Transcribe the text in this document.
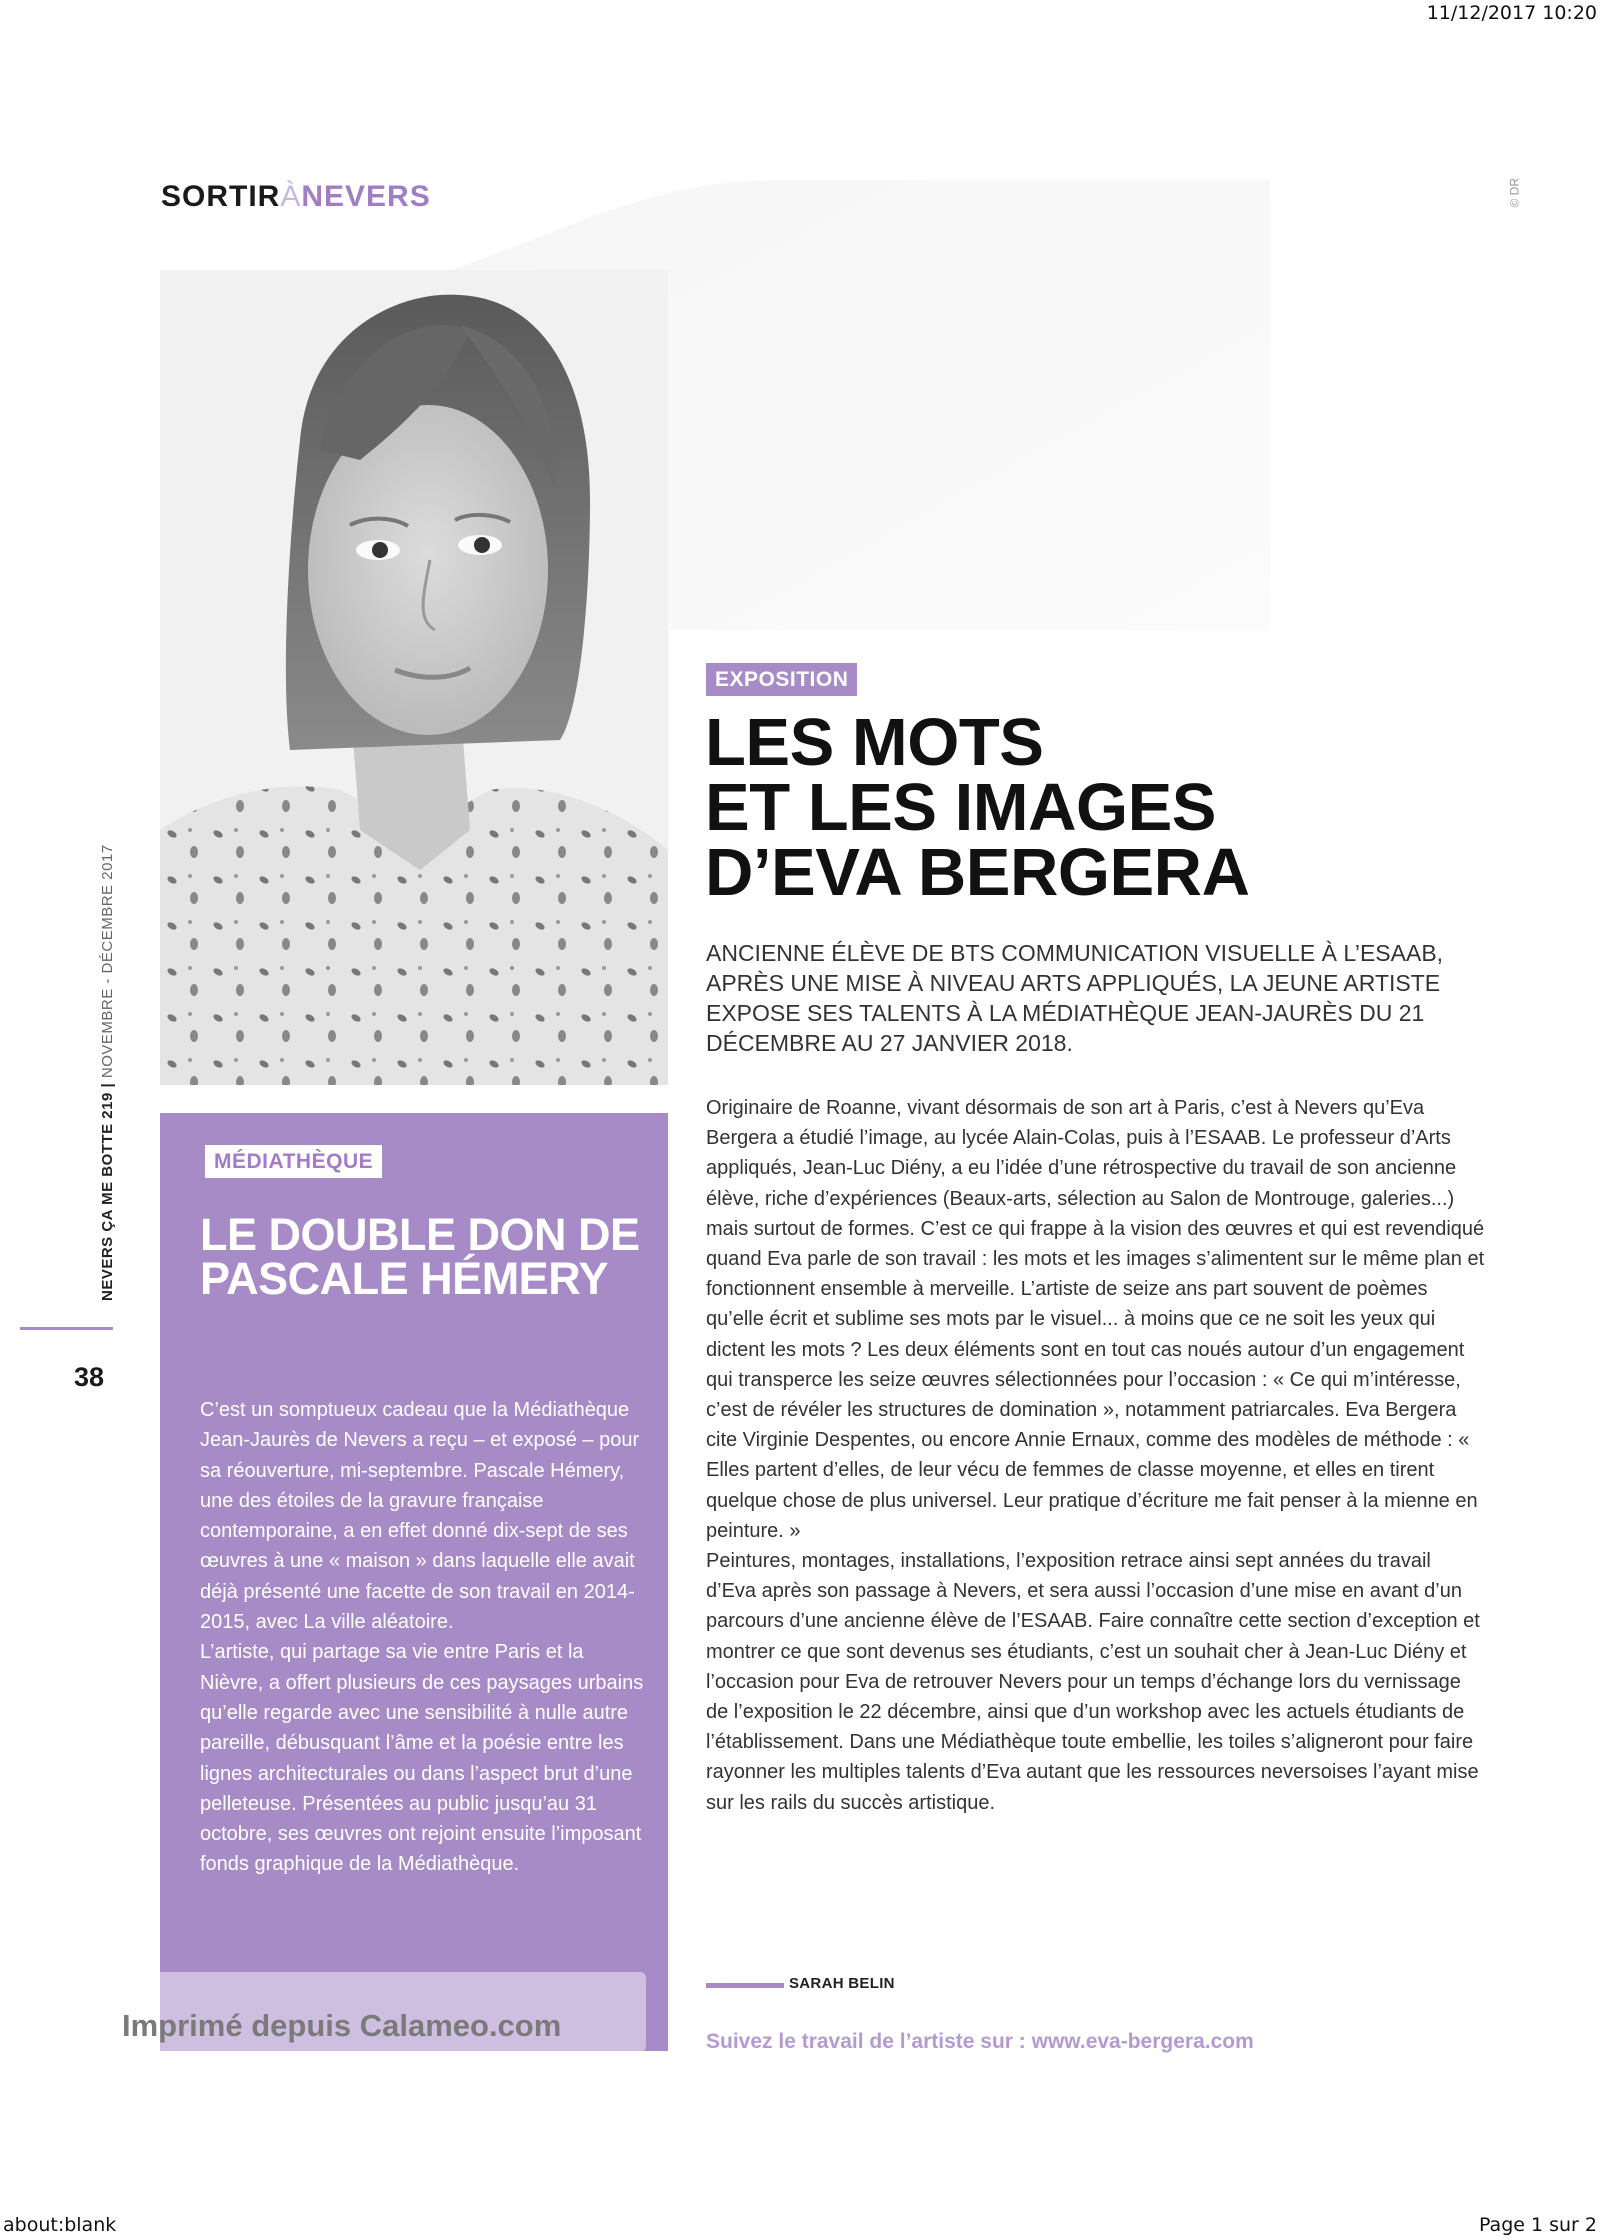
11/12/2017 10:20
about:blank	Page 1 sur 2
SORTIRÀNEVERS	© DR
NEVERS ÇA ME BOTTE 219 | NOVEMBRE - DÉCEMBRE 2017
38
MÉDIATHÈQUE
LE DOUBLE DON DE PASCALE HÉMERY

C’est un somptueux cadeau que la Médiathèque Jean-Jaurès de Nevers a reçu – et exposé – pour sa réouverture, mi-septembre. Pascale Hémery, une des étoiles de la gravure française contemporaine, a en effet donné dix-sept de ses œuvres à une « maison » dans laquelle elle avait déjà présenté une facette de son travail en 2014-2015, avec La ville aléatoire.

L’artiste, qui partage sa vie entre Paris et la Nièvre, a offert plusieurs de ces paysages urbains qu’elle regarde avec une sensibilité à nulle autre pareille, débusquant l’âme et la poésie entre les lignes architecturales ou dans l’aspect brut d’une pelleteuse. Présentées au public jusqu’au 31 octobre, ses œuvres ont rejoint ensuite l’imposant fonds graphique de la Médiathèque.

Imprimé depuis Calameo.com
EXPOSITION
LES MOTS
ET LES IMAGES
D’EVA BERGERA
ANCIENNE ÉLÈVE DE BTS COMMUNICATION VISUELLE À L’ESAAB, APRÈS UNE MISE À NIVEAU ARTS APPLIQUÉS, LA JEUNE ARTISTE EXPOSE SES TALENTS À LA MÉDIATHÈQUE JEAN-JAURÈS DU 21 DÉCEMBRE AU 27 JANVIER 2018.

Originaire de Roanne, vivant désormais de son art à Paris, c’est à Nevers qu’Eva Bergera a étudié l’image, au lycée Alain-Colas, puis à l’ESAAB. Le professeur d’Arts appliqués, Jean-Luc Diény, a eu l’idée d’une rétrospective du travail de son ancienne élève, riche d’expériences (Beaux-arts, sélection au Salon de Montrouge, galeries...) mais surtout de formes. C’est ce qui frappe à la vision des œuvres et qui est revendiqué quand Eva parle de son travail : les mots et les images s’alimentent sur le même plan et fonctionnent ensemble à merveille. L’artiste de seize ans part souvent de poèmes qu’elle écrit et sublime ses mots par le visuel... à moins que ce ne soit les yeux qui dictent les mots ? Les deux éléments sont en tout cas noués autour d’un engagement qui transperce les seize œuvres sélectionnées pour l’occasion : « Ce qui m’intéresse, c’est de révéler les structures de domination », notamment patriarcales. Eva Bergera cite Virginie Despentes, ou encore Annie Ernaux, comme des modèles de méthode : « Elles partent d’elles, de leur vécu de femmes de classe moyenne, et elles en tirent quelque chose de plus universel. Leur pratique d’écriture me fait penser à la mienne en peinture. »

Peintures, montages, installations, l’exposition retrace ainsi sept années du travail d’Eva après son passage à Nevers, et sera aussi l’occasion d’une mise en avant d’un parcours d’une ancienne élève de l’ESAAB. Faire connaître cette section d’exception et montrer ce que sont devenus ses étudiants, c’est un souhait cher à Jean-Luc Diény et l’occasion pour Eva de retrouver Nevers pour un temps d’échange lors du vernissage de l’exposition le 22 décembre, ainsi que d’un workshop avec les actuels étudiants de l’établissement. Dans une Médiathèque toute embellie, les toiles s’aligneront pour faire rayonner les multiples talents d’Eva autant que les ressources neversoises l’ayant mise sur les rails du succès artistique.

SARAH BELIN
Suivez le travail de l’artiste sur : www.eva-bergera.com
